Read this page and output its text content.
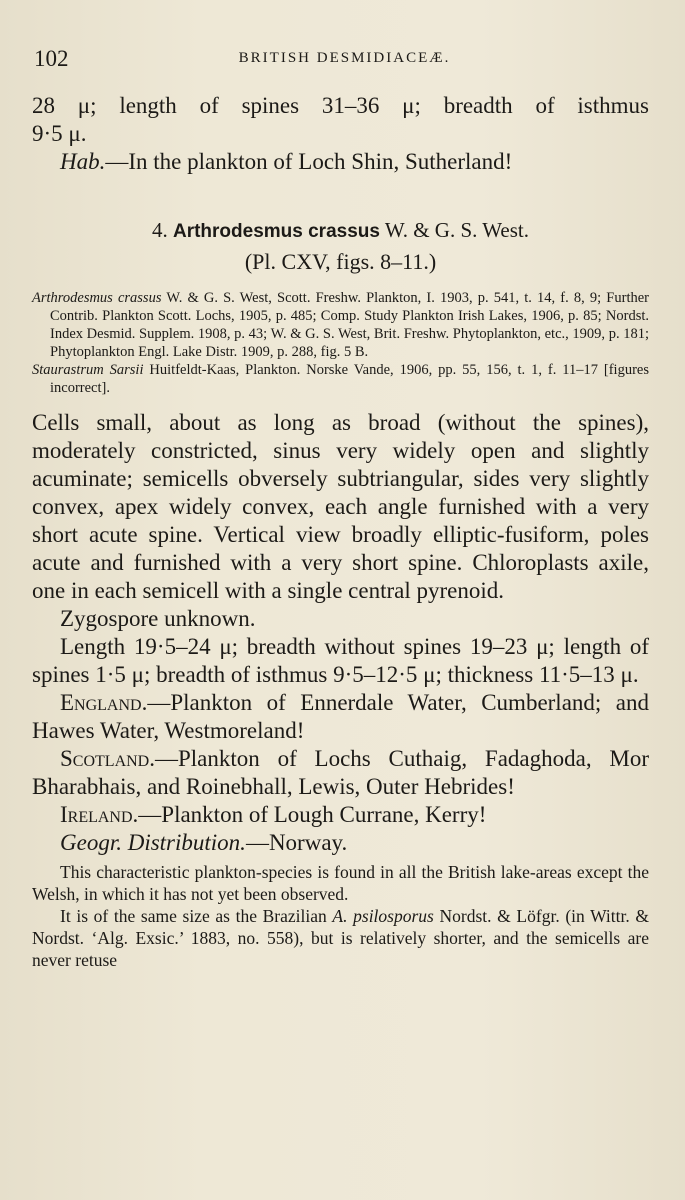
102	BRITISH DESMIDIACEÆ.

28 μ; length of spines 31–36 μ; breadth of isthmus

9·5 μ.

Hab.—In the plankton of Loch Shin, Sutherland!

4. Arthrodesmus crassus W. & G. S. West.
(Pl. CXV, figs. 8–11.)

Arthrodesmus crassus W. & G. S. West, Scott. Freshw. Plankton, I. 1903, p. 541, t. 14, f. 8, 9; Further Contrib. Plankton Scott. Lochs, 1905, p. 485; Comp. Study Plankton Irish Lakes, 1906, p. 85; Nordst. Index Desmid. Supplem. 1908, p. 43; W. & G. S. West, Brit. Freshw. Phytoplankton, etc., 1909, p. 181; Phytoplankton Engl. Lake Distr. 1909, p. 288, fig. 5 B.

Staurastrum Sarsii Huitfeldt-Kaas, Plankton. Norske Vande, 1906, pp. 55, 156, t. 1, f. 11–17 [figures incorrect].

Cells small, about as long as broad (without the spines), moderately constricted, sinus very widely open and slightly acuminate; semicells obversely subtriangular, sides very slightly convex, apex widely convex, each angle furnished with a very short acute spine. Vertical view broadly elliptic-fusiform, poles acute and furnished with a very short spine. Chloroplasts axile, one in each semicell with a single central pyrenoid.

Zygospore unknown.

Length 19·5–24 μ; breadth without spines 19–23 μ; length of spines 1·5 μ; breadth of isthmus 9·5–12·5 μ; thickness 11·5–13 μ.

England.—Plankton of Ennerdale Water, Cumberland; and Hawes Water, Westmoreland!

Scotland.—Plankton of Lochs Cuthaig, Fadaghoda, Mor Bharabhais, and Roinebhall, Lewis, Outer Hebrides!

Ireland.—Plankton of Lough Currane, Kerry!

Geogr. Distribution.—Norway.

This characteristic plankton-species is found in all the British lake-areas except the Welsh, in which it has not yet been observed.

It is of the same size as the Brazilian A. psilosporus Nordst. & Löfgr. (in Wittr. & Nordst. ‘Alg. Exsic.’ 1883, no. 558), but is relatively shorter, and the semicells are never retuse
